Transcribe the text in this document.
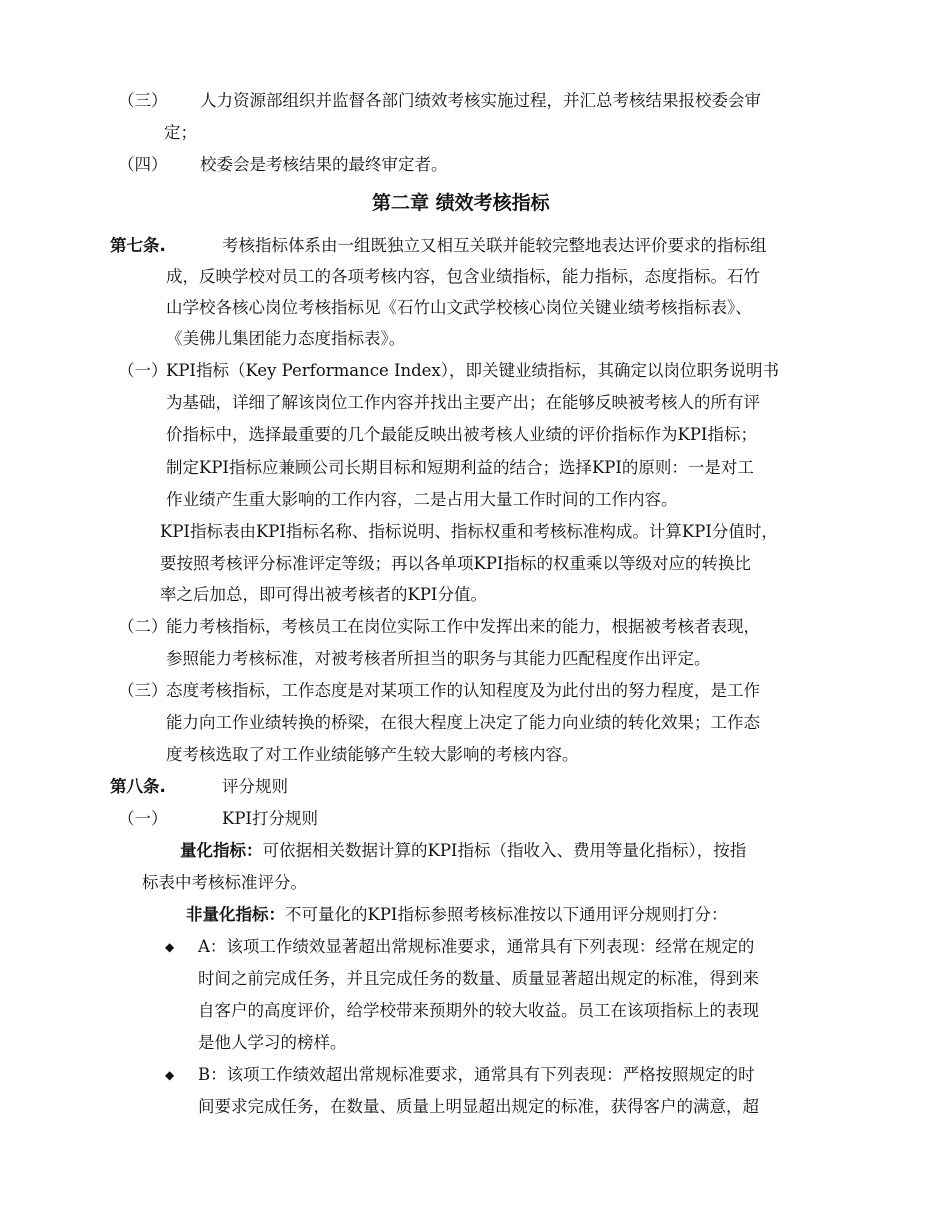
（三） 人力资源部组织并监督各部门绩效考核实施过程，并汇总考核结果报校委会审
定；
（四） 校委会是考核结果的最终审定者。
第二章 绩效考核指标
第七条.	考核指标体系由一组既独立又相互关联并能较完整地表达评价要求的指标组
成，反映学校对员工的各项考核内容，包含业绩指标，能力指标，态度指标。石竹
山学校各核心岗位考核指标见《石竹山文武学校核心岗位关键业绩考核指标表》、
《美佛儿集团能力态度指标表》。
（一）
KPI指标（Key Performance Index），即关键业绩指标，其确定以岗位职务说明书
为基础，详细了解该岗位工作内容并找出主要产出；在能够反映被考核人的所有评
价指标中，选择最重要的几个最能反映出被考核人业绩的评价指标作为KPI指标；
制定KPI指标应兼顾公司长期目标和短期利益的结合；选择KPI的原则：一是对工
作业绩产生重大影响的工作内容，二是占用大量工作时间的工作内容。
KPI指标表由KPI指标名称、指标说明、指标权重和考核标准构成。计算KPI分值时，
要按照考核评分标准评定等级；再以各单项KPI指标的权重乘以等级对应的转换比
率之后加总，即可得出被考核者的KPI分值。
（二）
能力考核指标，考核员工在岗位实际工作中发挥出来的能力，根据被考核者表现，
参照能力考核标准，对被考核者所担当的职务与其能力匹配程度作出评定。
（三）
态度考核指标，工作态度是对某项工作的认知程度及为此付出的努力程度，是工作
能力向工作业绩转换的桥梁，在很大程度上决定了能力向业绩的转化效果；工作态
度考核选取了对工作业绩能够产生较大影响的考核内容。
第八条.	评分规则
（一）	KPI打分规则
量化指标：可依据相关数据计算的KPI指标（指收入、费用等量化指标），按指
标表中考核标准评分。
非量化指标：不可量化的KPI指标参照考核标准按以下通用评分规则打分：
◆ A：该项工作绩效显著超出常规标准要求，通常具有下列表现：经常在规定的
时间之前完成任务，并且完成任务的数量、质量显著超出规定的标准，得到来
自客户的高度评价，给学校带来预期外的较大收益。员工在该项指标上的表现
是他人学习的榜样。
◆ B：该项工作绩效超出常规标准要求，通常具有下列表现：严格按照规定的时
间要求完成任务，在数量、质量上明显超出规定的标准，获得客户的满意，超
